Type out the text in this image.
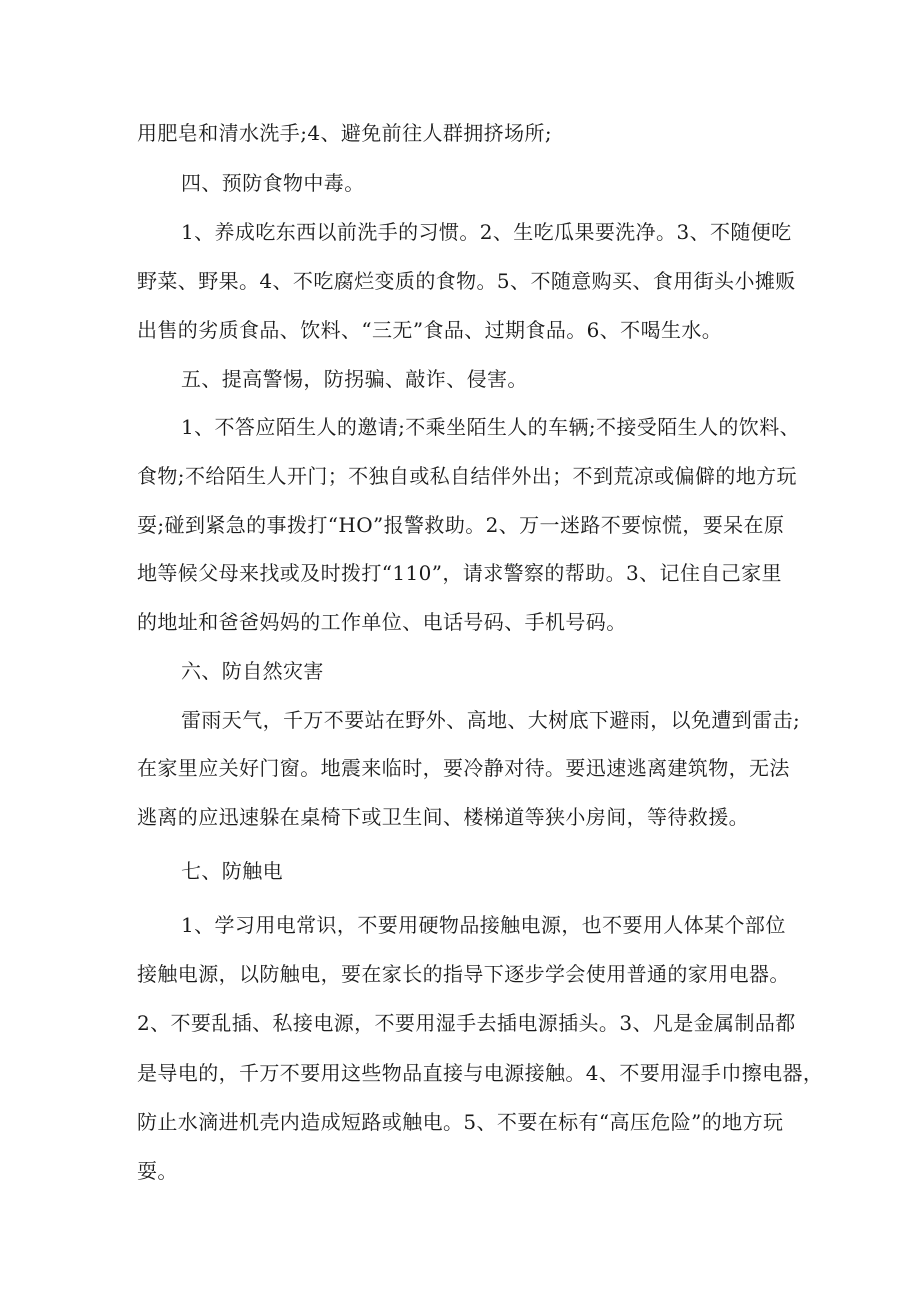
用肥皂和清水洗手;4、避免前往人群拥挤场所;
四、预防食物中毒。
1、养成吃东西以前洗手的习惯。2、生吃瓜果要洗净。3、不随便吃
野菜、野果。4、不吃腐烂变质的食物。5、不随意购买、食用街头小摊贩
出售的劣质食品、饮料、“三无”食品、过期食品。6、不喝生水。
五、提高警惕，防拐骗、敲诈、侵害。
1、不答应陌生人的邀请;不乘坐陌生人的车辆;不接受陌生人的饮料、
食物;不给陌生人开门；不独自或私自结伴外出；不到荒凉或偏僻的地方玩
耍;碰到紧急的事拨打“HO”报警救助。2、万一迷路不要惊慌，要呆在原
地等候父母来找或及时拨打“110”，请求警察的帮助。3、记住自己家里
的地址和爸爸妈妈的工作单位、电话号码、手机号码。
六、防自然灾害
雷雨天气，千万不要站在野外、高地、大树底下避雨，以免遭到雷击;
在家里应关好门窗。地震来临时，要冷静对待。要迅速逃离建筑物，无法
逃离的应迅速躲在桌椅下或卫生间、楼梯道等狭小房间，等待救援。
七、防触电
1、学习用电常识，不要用硬物品接触电源，也不要用人体某个部位
接触电源，以防触电，要在家长的指导下逐步学会使用普通的家用电器。
2、不要乱插、私接电源，不要用湿手去插电源插头。3、凡是金属制品都
是导电的，千万不要用这些物品直接与电源接触。4、不要用湿手巾擦电器，
防止水滴进机壳内造成短路或触电。5、不要在标有“高压危险”的地方玩
耍。
